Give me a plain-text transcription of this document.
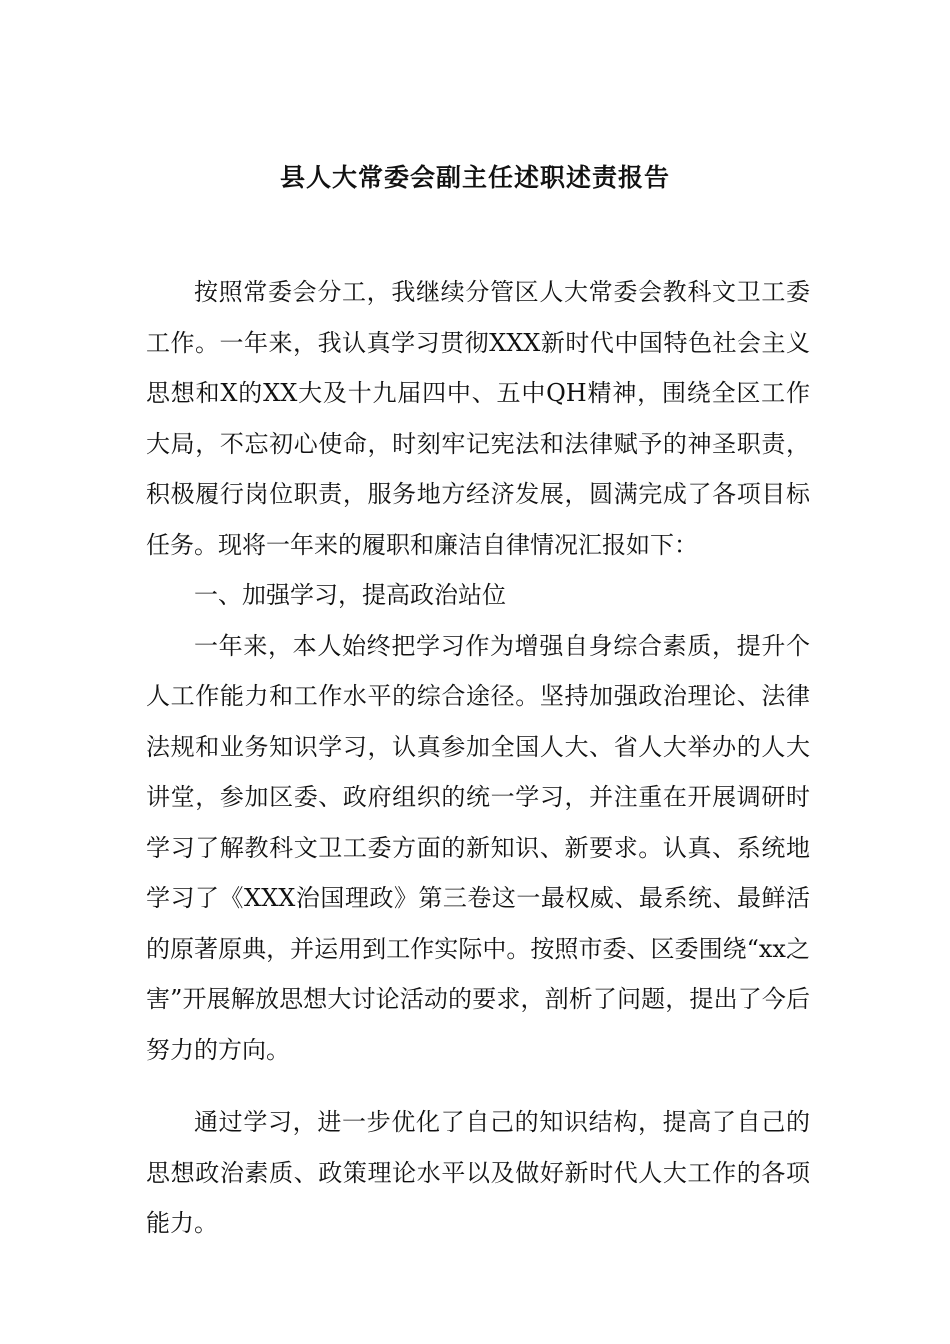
县人大常委会副主任述职述责报告

按照常委会分工，我继续分管区人大常委会教科文卫工委工作。一年来，我认真学习贯彻XXX新时代中国特色社会主义思想和X的XX大及十九届四中、五中QH精神，围绕全区工作大局，不忘初心使命，时刻牢记宪法和法律赋予的神圣职责，积极履行岗位职责，服务地方经济发展，圆满完成了各项目标任务。现将一年来的履职和廉洁自律情况汇报如下：

一、加强学习，提高政治站位

一年来，本人始终把学习作为增强自身综合素质，提升个人工作能力和工作水平的综合途径。坚持加强政治理论、法律法规和业务知识学习，认真参加全国人大、省人大举办的人大讲堂，参加区委、政府组织的统一学习，并注重在开展调研时学习了解教科文卫工委方面的新知识、新要求。认真、系统地学习了《XXX治国理政》第三卷这一最权威、最系统、最鲜活的原著原典，并运用到工作实际中。按照市委、区委围绕“xx之害”开展解放思想大讨论活动的要求，剖析了问题，提出了今后努力的方向。

通过学习，进一步优化了自己的知识结构，提高了自己的思想政治素质、政策理论水平以及做好新时代人大工作的各项能力。
